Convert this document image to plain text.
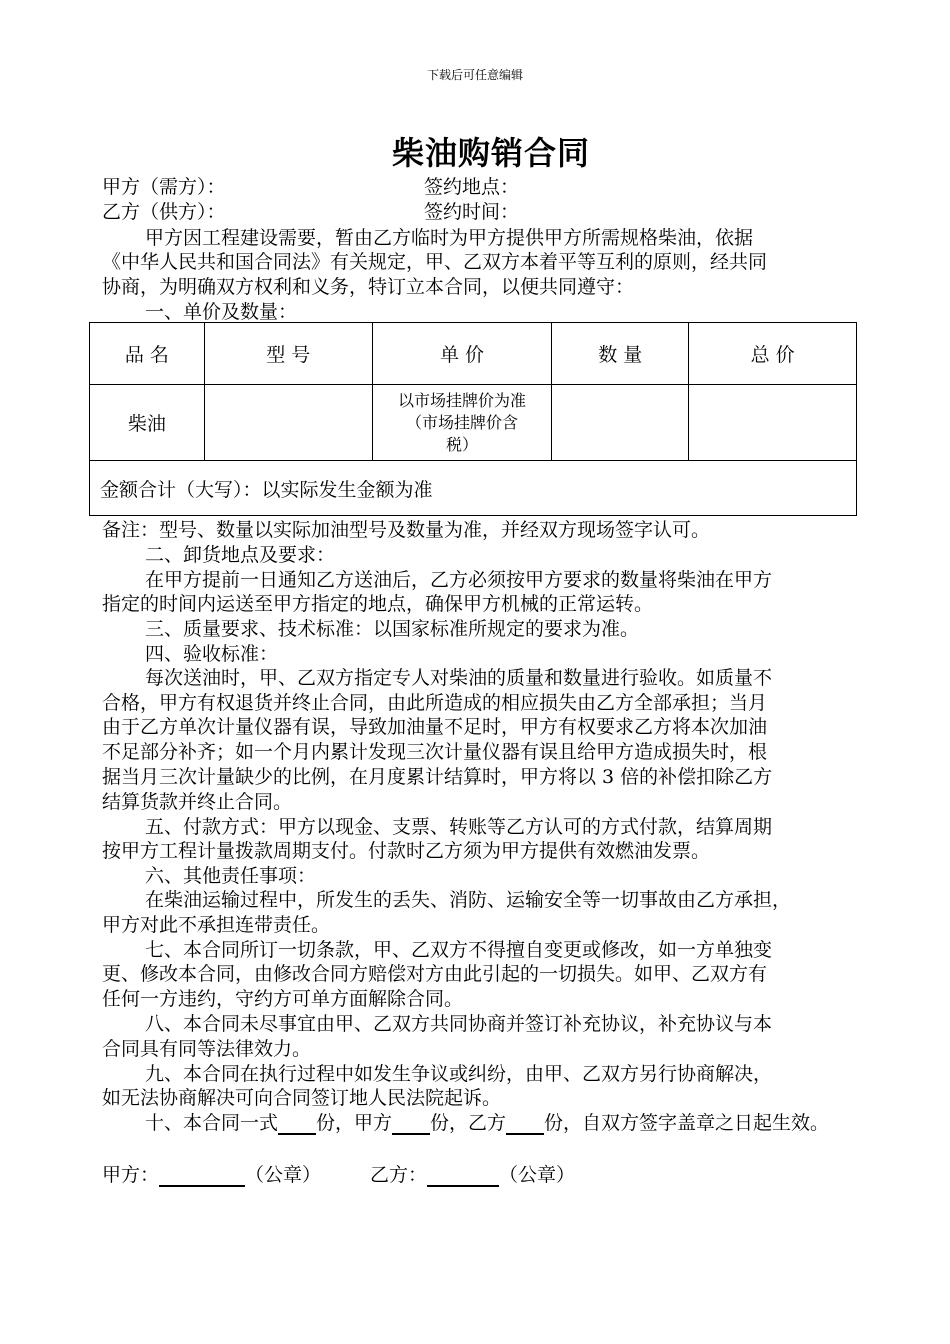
下载后可任意编辑
柴油购销合同
甲方（需方）：	签约地点：
乙方（供方）：	签约时间：
甲方因工程建设需要，暂由乙方临时为甲方提供甲方所需规格柴油，依据
《中华人民共和国合同法》有关规定，甲、乙双方本着平等互利的原则，经共同
协商，为明确双方权利和义务，特订立本合同，以便共同遵守：
一、单价及数量：
品 名	型 号	单 价	数 量	总 价
柴油		以市场挂牌价为准
（市场挂牌价含
税）		

金额合计（大写）：以实际发生金额为准				
备注：型号、数量以实际加油型号及数量为准，并经双方现场签字认可。
二、卸货地点及要求：
在甲方提前一日通知乙方送油后，乙方必须按甲方要求的数量将柴油在甲方
指定的时间内运送至甲方指定的地点，确保甲方机械的正常运转。
三、质量要求、技术标准：以国家标准所规定的要求为准。
四、验收标准：
每次送油时，甲、乙双方指定专人对柴油的质量和数量进行验收。如质量不
合格，甲方有权退货并终止合同，由此所造成的相应损失由乙方全部承担；当月
由于乙方单次计量仪器有误，导致加油量不足时，甲方有权要求乙方将本次加油
不足部分补齐；如一个月内累计发现三次计量仪器有误且给甲方造成损失时，根
据当月三次计量缺少的比例，在月度累计结算时，甲方将以 3 倍的补偿扣除乙方
结算货款并终止合同。
五、付款方式：甲方以现金、支票、转账等乙方认可的方式付款，结算周期
按甲方工程计量拨款周期支付。付款时乙方须为甲方提供有效燃油发票。
六、其他责任事项：
在柴油运输过程中，所发生的丢失、消防、运输安全等一切事故由乙方承担，
甲方对此不承担连带责任。
七、本合同所订一切条款，甲、乙双方不得擅自变更或修改，如一方单独变
更、修改本合同，由修改合同方赔偿对方由此引起的一切损失。如甲、乙双方有
任何一方违约，守约方可单方面解除合同。
八、本合同未尽事宜由甲、乙双方共同协商并签订补充协议，补充协议与本
合同具有同等法律效力。
九、本合同在执行过程中如发生争议或纠纷，由甲、乙双方另行协商解决，
如无法协商解决可向合同签订地人民法院起诉。
十、本合同一式 份，甲方 份，乙方 份，自双方签字盖章之日起生效。
甲方：	（公章）	乙方：	（公章）
